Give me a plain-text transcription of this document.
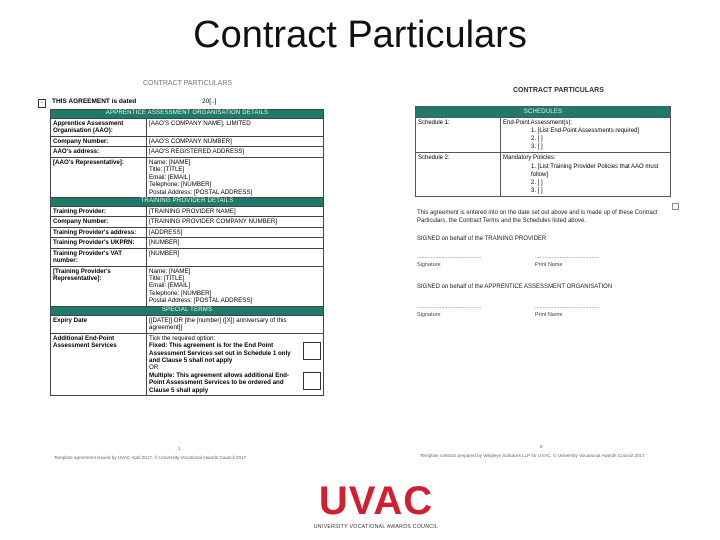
Contract Particulars
CONTRACT PARTICULARS
-	THIS AGREEMENT is dated	20[..]
APPRENTICE ASSESSMENT ORGANISATION DETAILS	
Apprentice Assessment Organisation (AAO):	[AAO'S COMPANY NAME], LIMITED
Company Number:	[AAO'S COMPANY NUMBER]
AAO's address:	[AAO'S REGISTERED ADDRESS]
[AAO's Representative]:	Name: [NAME]
Title: [TITLE]
Email: [EMAIL]
Telephone: [NUMBER]
Postal Address: [POSTAL ADDRESS]

TRAINING PROVIDER DETAILS	
Training Provider:	[TRAINING PROVIDER NAME]
Company Number:	[TRAINING PROVIDER COMPANY NUMBER]
Training Provider's address:	[ADDRESS]
Training Provider's UKPRN:	[NUMBER]
Training Provider's VAT number:	[NUMBER]
[Training Provider's Representative]:	Name: [NAME]
Title: [TITLE]
Email: [EMAIL]
Telephone: [NUMBER]
Postal Address: [POSTAL ADDRESS]

SPECIAL TERMS	
Expiry Date	[[DATE]] OR [the [number] ([X]) anniversary of this agreement]]
Additional End-Point Assessment Services	Tick the required option:
Fixed: This agreement is for the End Point Assessment Services set out in Schedule 1 only and Clause 5 shall not apply
OR
Multiple: This agreement allows additional End-Point Assessment Services to be ordered and Clause 5 shall apply
1
Template agreement issued by UVAC April 2017. © University Vocational Awards Council 2017
CONTRACT PARTICULARS
SCHEDULES	
Schedule 1:	End-Point Assessment(s):
1. [List End-Point Assessments required]
2. [ ]
3. [ ]

Schedule 2:	Mandatory Policies:
1. [List Training Provider Policies that AAO must follow]
2. [ ]
3. [ ]
This agreement is entered into on the date set out above and is made up of these Contract Particulars, the Contract Terms and the Schedules listed above.
SIGNED on behalf of the TRAINING PROVIDER
..........................................	..........................................
Signature	Print Name
SIGNED on behalf of the APPRENTICE ASSESSMENT ORGANISATION
..........................................	..........................................
Signature	Print Name
8
Template contract prepared by Wrigleys Solicitors LLP for UVAC. © University Vocational Awards Council 2017
UVAC
UNIVERSITY VOCATIONAL AWARDS COUNCIL
